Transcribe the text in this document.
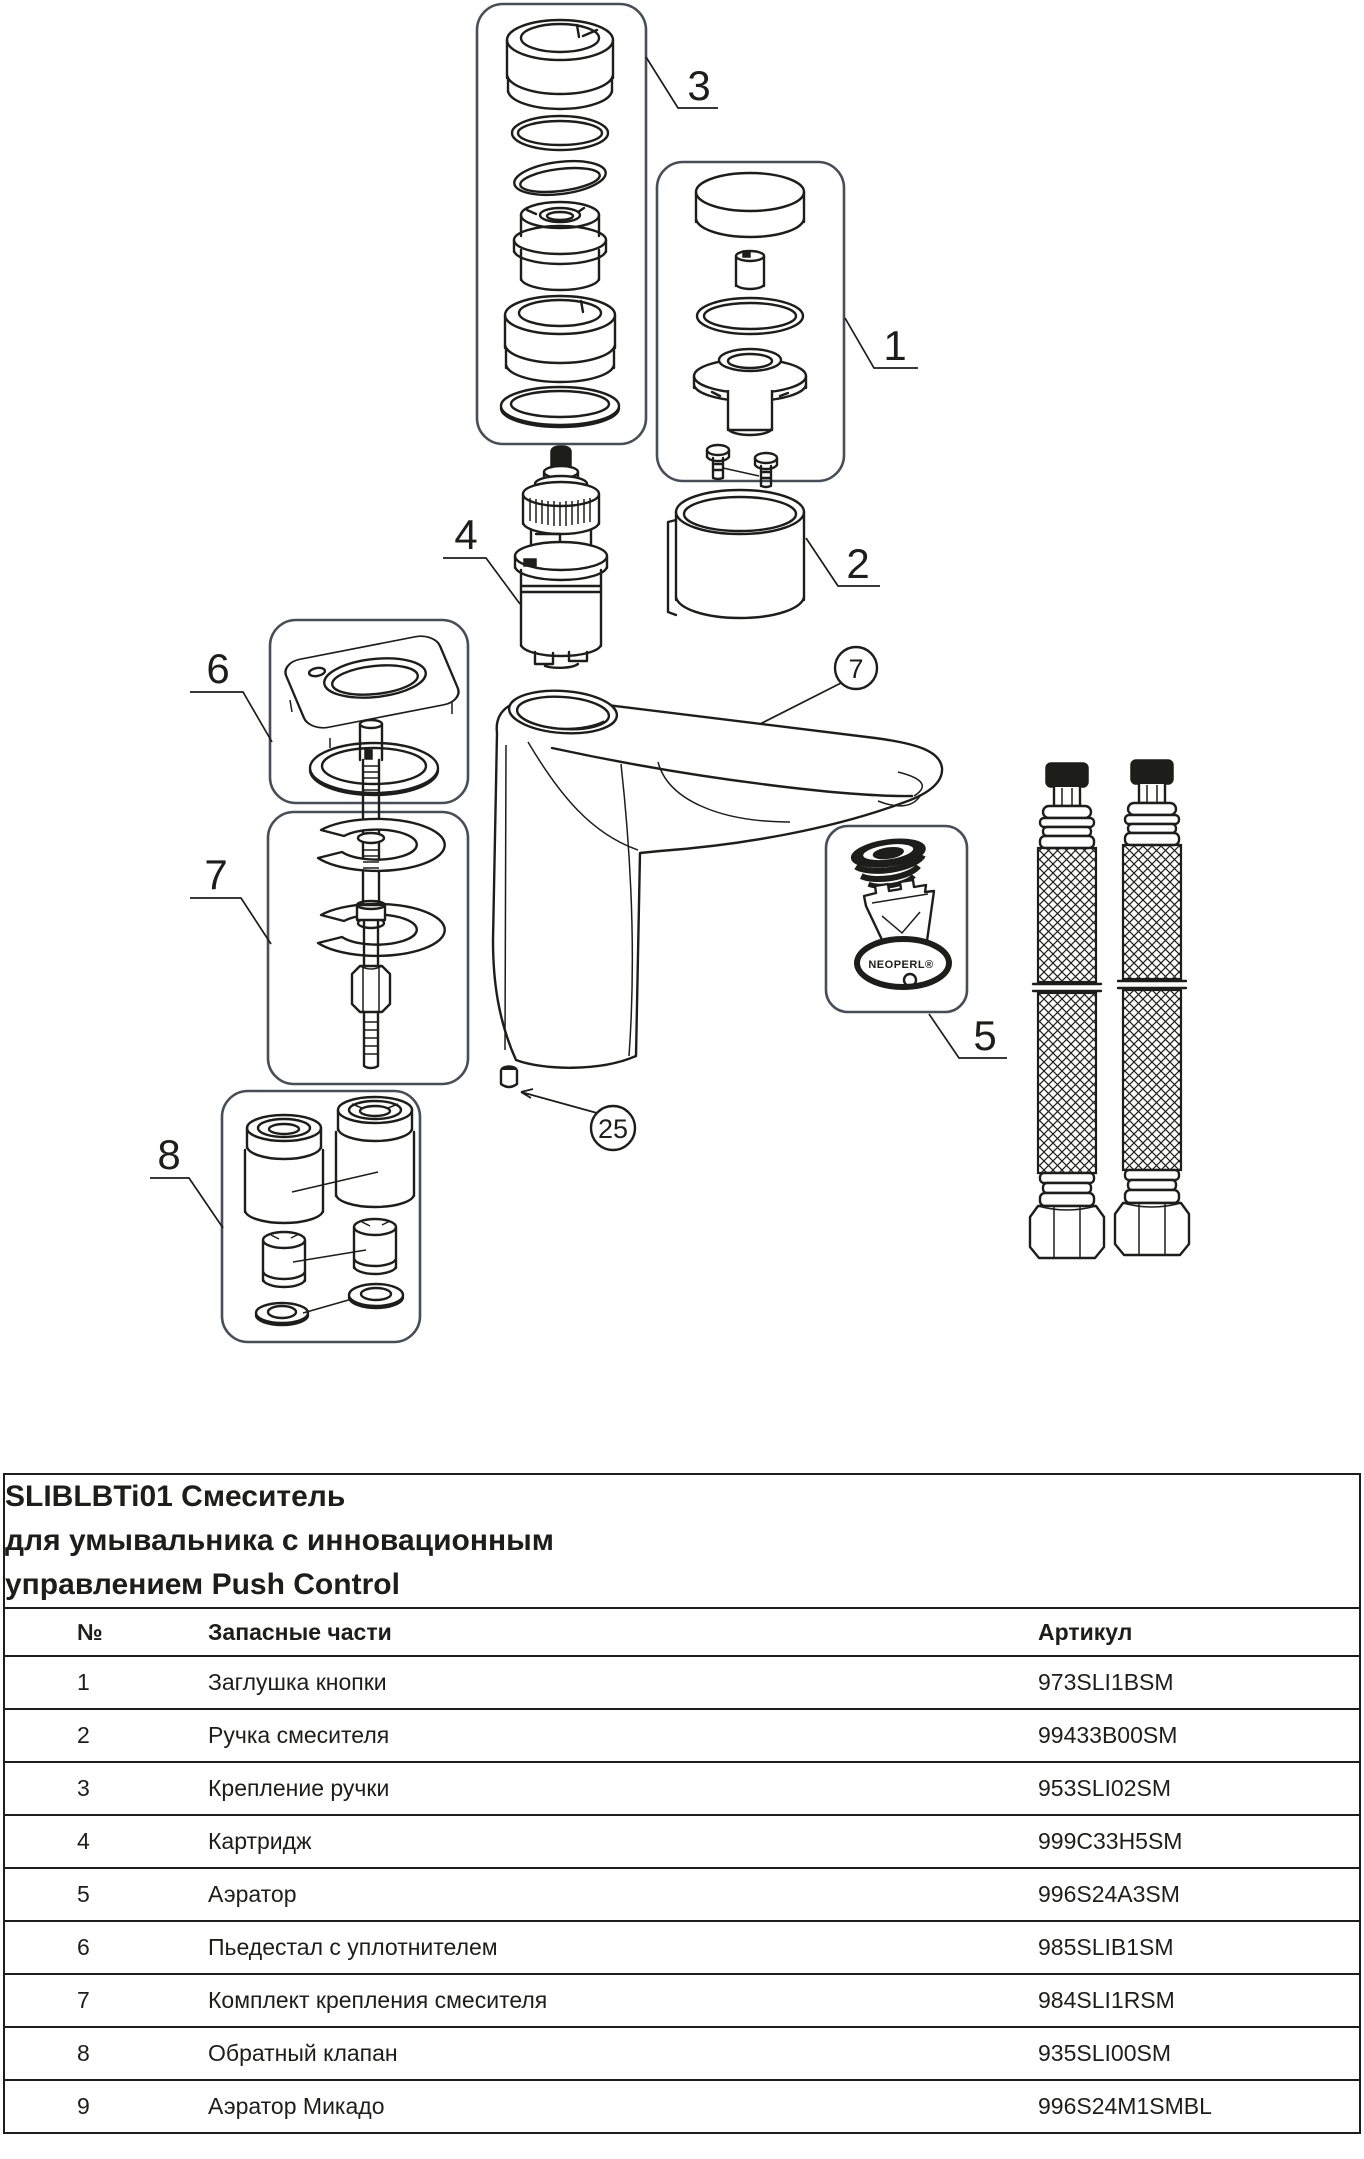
3
1
2
4
7
25
6
7
NEOPERL®
5
8
SLIBLBTi01 Смеситель
для умывальника с инновационным
управлением Push Control		

№	Запасные части	Артикул
1	Заглушка кнопки	973SLI1BSM
2	Ручка смесителя	99433B00SM
3	Крепление ручки	953SLI02SM
4	Картридж	999C33H5SM
5	Аэратор	996S24A3SM
6	Пьедестал с уплотнителем	985SLIB1SM
7	Комплект крепления смесителя	984SLI1RSM
8	Обратный клапан	935SLI00SM
9	Аэратор Микадо	996S24M1SMBL
